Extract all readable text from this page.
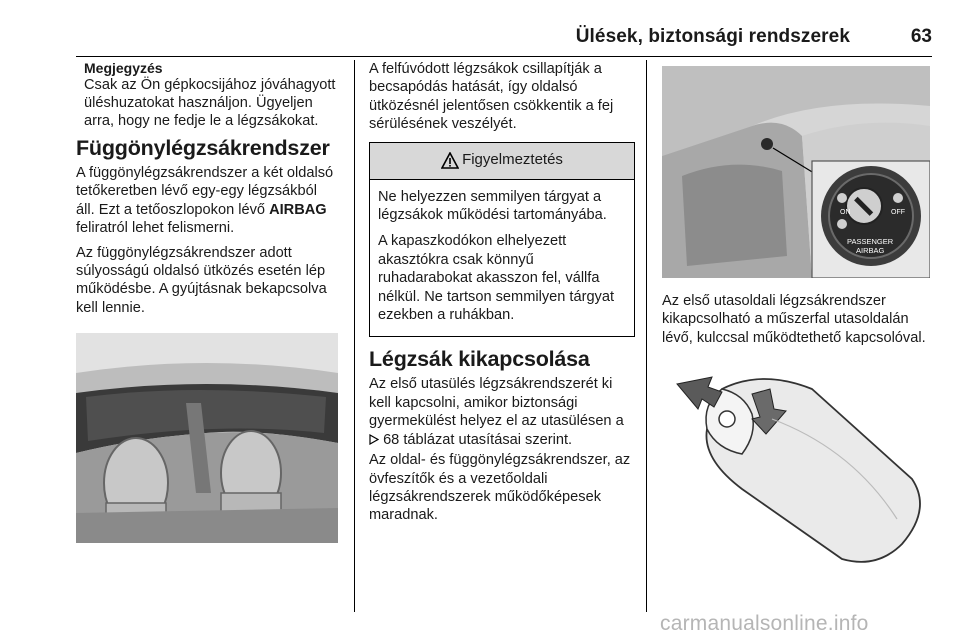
Ülések, biztonsági rendszerek	63
Megjegyzés
Csak az Ön gépkocsijához jóváhagyott üléshuzatokat használjon. Ügyeljen arra, hogy ne fedje le a légzsákokat.
Függönylégzsákrendszer

A függönylégzsákrendszer a két oldalsó tetőkeretben lévő egy-egy légzsákból áll. Ezt a tetőoszlopokon lévő AIRBAG feliratról lehet felismerni.

Az függönylégzsákrendszer adott súlyosságú oldalsó ütközés esetén lép működésbe. A gyújtásnak bekapcsolva kell lennie.

A felfúvódott légzsákok csillapítják a becsapódás hatását, így oldalsó ütközésnél jelentősen csökkentik a fej sérülésének veszélyét.

Figyelmeztetés

Ne helyezzen semmilyen tárgyat a légzsákok működési tartományába.

A kapaszkodókon elhelyezett akasztókra csak könnyű ruhadarabokat akasszon fel, vállfa nélkül. Ne tartson semmilyen tárgyat ezekben a ruhákban.

Légzsák kikapcsolása

Az első utasülés légzsákrendszerét ki kell kapcsolni, amikor biztonsági gyermekülést helyez el az utasülésen a  68 táblázat utasításai szerint.

Az oldal- és függönylégzsákrendszer, az övfeszítők és a vezetőoldali légzsákrendszerek működőképesek maradnak.

ON	OFF
PASSENGER
AIRBAG

Az első utasoldali légzsákrendszer kikapcsolható a műszerfal utasoldalán lévő, kulccsal működtethető kapcsolóval.

carmanualsonline.info
